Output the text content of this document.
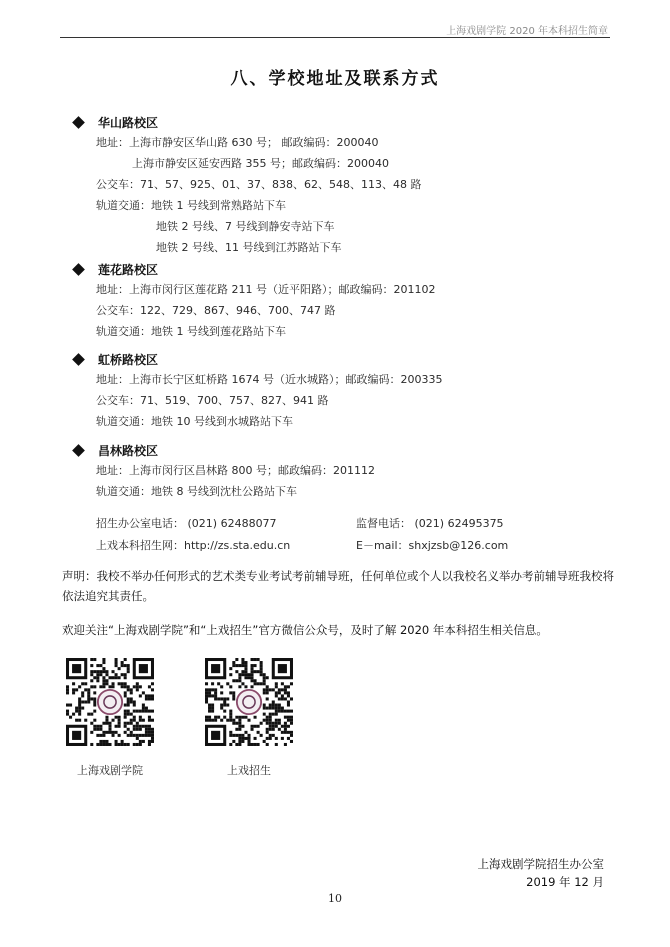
上海戏剧学院 2020 年本科招生简章
八、学校地址及联系方式
华山路校区
地址：上海市静安区华山路 630 号； 邮政编码：200040
上海市静安区延安西路 355 号；邮政编码：200040
公交车：71、57、925、01、37、838、62、548、113、48 路
轨道交通：地铁 1 号线到常熟路站下车
地铁 2 号线、7 号线到静安寺站下车
地铁 2 号线、11 号线到江苏路站下车
莲花路校区
地址：上海市闵行区莲花路 211 号（近平阳路）；邮政编码：201102
公交车：122、729、867、946、700、747 路
轨道交通：地铁 1 号线到莲花路站下车
虹桥路校区
地址：上海市长宁区虹桥路 1674 号（近水城路）；邮政编码：200335
公交车：71、519、700、757、827、941 路
轨道交通：地铁 10 号线到水城路站下车
昌林路校区
地址：上海市闵行区昌林路 800 号；邮政编码：201112
轨道交通：地铁 8 号线到沈杜公路站下车
招生办公室电话： (021) 62488077	监督电话： (021) 62495375
上戏本科招生网：http://zs.sta.edu.cn	E－mail：shxjzsb@126.com
声明：我校不举办任何形式的艺术类专业考试考前辅导班，任何单位或个人以我校名义举办考前辅导班我校将依法追究其责任。
欢迎关注“上海戏剧学院”和“上戏招生”官方微信公众号，及时了解 2020 年本科招生相关信息。
上海戏剧学院	上戏招生
上海戏剧学院招生办公室
2019 年 12 月
10
